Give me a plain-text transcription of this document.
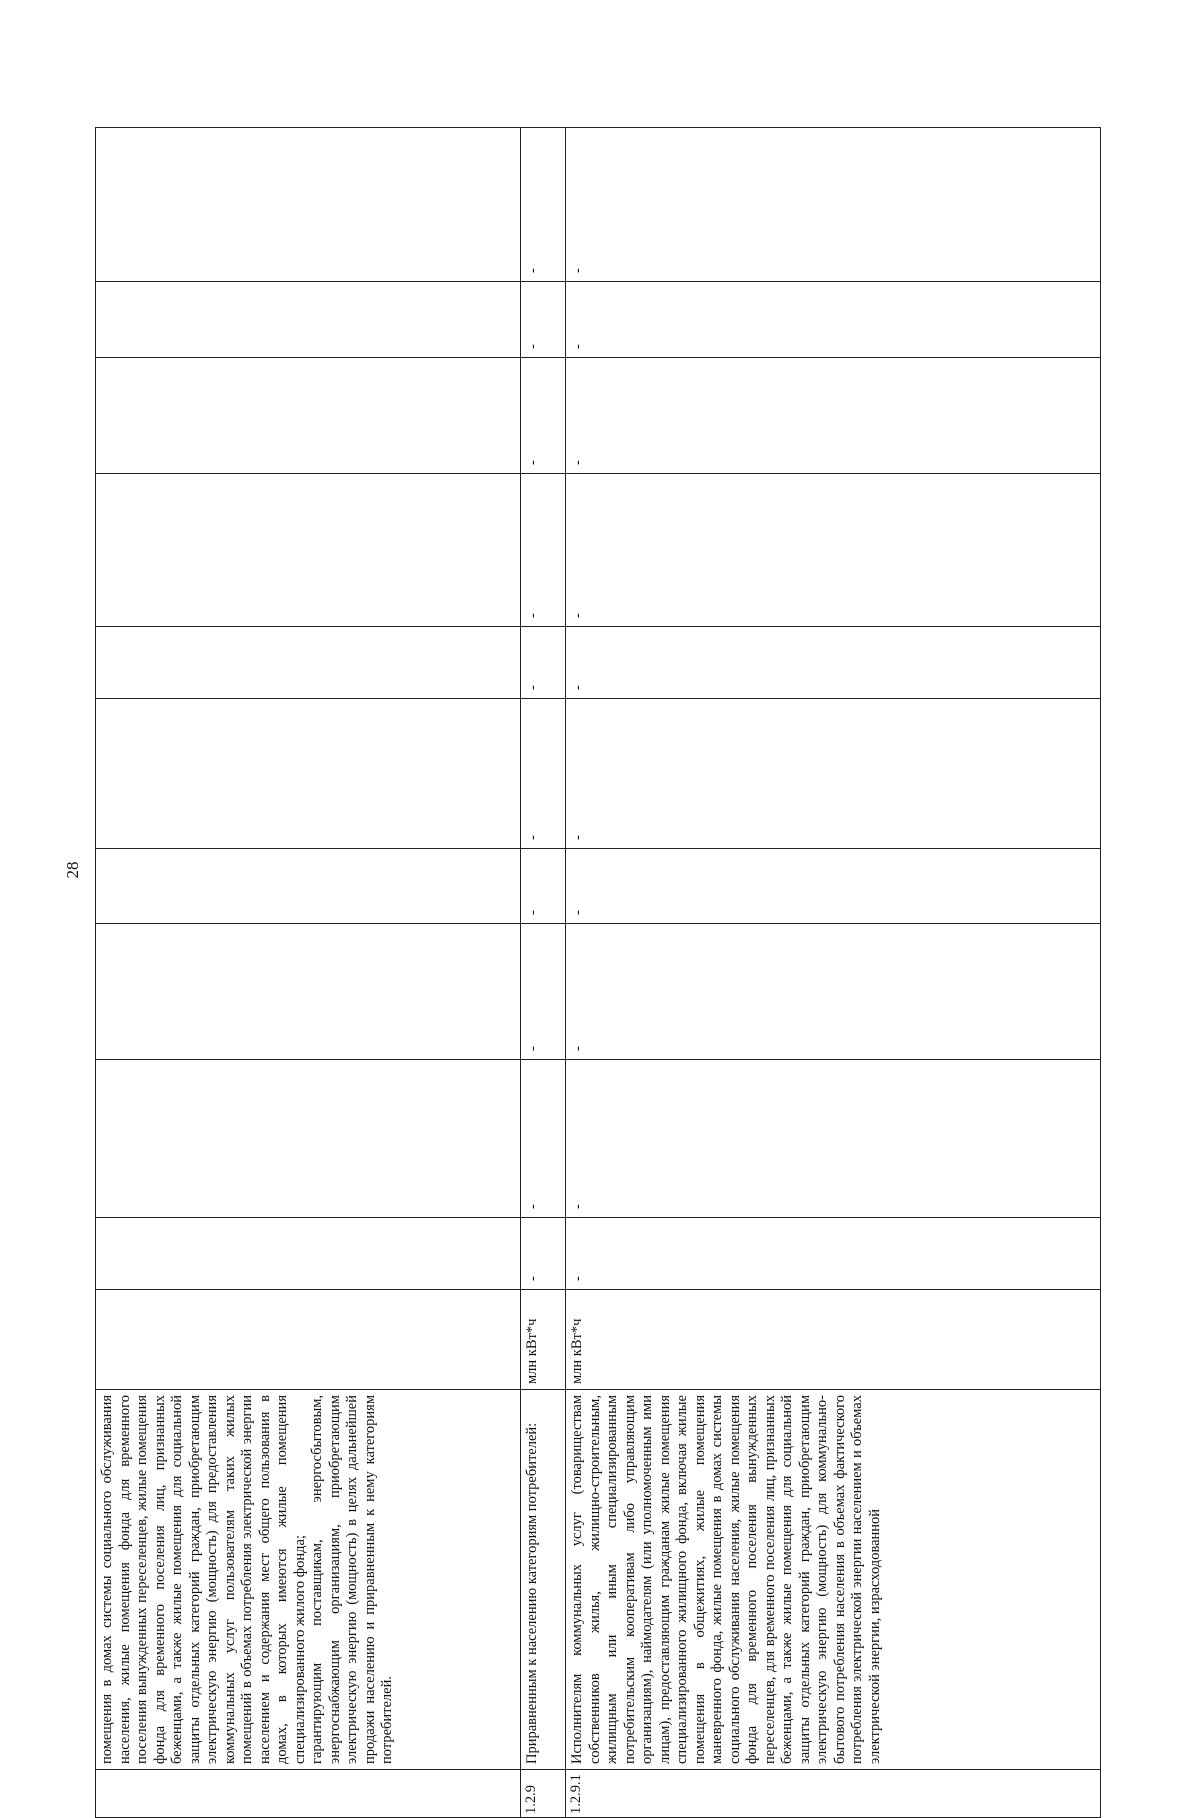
28

	помещения в домах системы социального обслуживания населения, жилые помещения фонда для временного поселения вынужденных переселенцев, жилые помещения фонда для временного поселения лиц, признанных беженцами, а также жилые помещения для социальной защиты отдельных категорий граждан, приобретающим электрическую энергию (мощность) для предоставления коммунальных услуг пользователям таких жилых помещений в объемах потребления электрической энергии населением и содержания мест общего пользования в домах, в которых имеются жилые помещения специализированного жилого фонда;
гарантирующим поставщикам, энергосбытовым, энергоснабжающим организациям, приобретающим электрическую энергию (мощность) в целях дальнейшей продажи населению и приравненным к нему категориям потребителей.											

1.2.9	Приравненным к населению категориям потребителей:	млн кВт*ч	-	-	-	-	-	-	-	-	-	-

1.2.9.1	Исполнителям коммунальных услуг (товариществам собственников жилья, жилищно-строительным, жилищным или иным специализированным потребительским кооперативам либо управляющим организациям), наймодателям (или уполномоченным ими лицам), предоставляющим гражданам жилые помещения специализированного жилищного фонда, включая жилые помещения в общежитиях, жилые помещения маневренного фонда, жилые помещения в домах системы социального обслуживания населения, жилые помещения фонда для временного поселения вынужденных переселенцев, для временного поселения лиц, признанных беженцами, а также жилые помещения для социальной защиты отдельных категорий граждан, приобретающим электрическую энергию (мощность) для коммунально-бытового потребления населения в объемах фактического потребления электрической энергии населением и объемах электрической энергии, израсходованной	млн кВт*ч	-	-	-	-	-	-	-	-	-	-
